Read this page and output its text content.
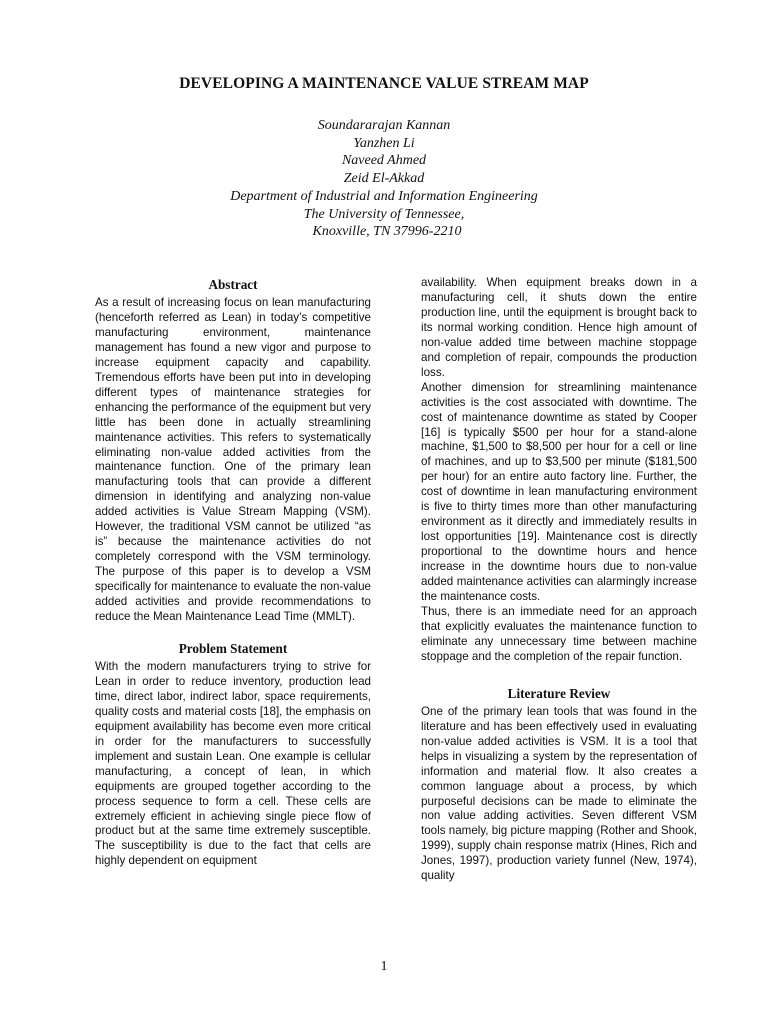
DEVELOPING A MAINTENANCE VALUE STREAM MAP
Soundararajan Kannan
Yanzhen Li
Naveed Ahmed
Zeid El-Akkad
Department of Industrial and Information Engineering
The University of Tennessee,
Knoxville, TN 37996-2210
Abstract

As a result of increasing focus on lean manufacturing (henceforth referred as Lean) in today’s competitive manufacturing environment, maintenance management has found a new vigor and purpose to increase equipment capacity and capability. Tremendous efforts have been put into in developing different types of maintenance strategies for enhancing the performance of the equipment but very little has been done in actually streamlining maintenance activities. This refers to systematically eliminating non-value added activities from the maintenance function. One of the primary lean manufacturing tools that can provide a different dimension in identifying and analyzing non-value added activities is Value Stream Mapping (VSM). However, the traditional VSM cannot be utilized “as is” because the maintenance activities do not completely correspond with the VSM terminology. The purpose of this paper is to develop a VSM specifically for maintenance to evaluate the non-value added activities and provide recommendations to reduce the Mean Maintenance Lead Time (MMLT).

Problem Statement

With the modern manufacturers trying to strive for Lean in order to reduce inventory, production lead time, direct labor, indirect labor, space requirements, quality costs and material costs [18], the emphasis on equipment availability has become even more critical in order for the manufacturers to successfully implement and sustain Lean. One example is cellular manufacturing, a concept of lean, in which equipments are grouped together according to the process sequence to form a cell. These cells are extremely efficient in achieving single piece flow of product but at the same time extremely susceptible. The susceptibility is due to the fact that cells are highly dependent on equipment

availability. When equipment breaks down in a manufacturing cell, it shuts down the entire production line, until the equipment is brought back to its normal working condition. Hence high amount of non-value added time between machine stoppage and completion of repair, compounds the production loss.

Another dimension for streamlining maintenance activities is the cost associated with downtime. The cost of maintenance downtime as stated by Cooper [16] is typically $500 per hour for a stand-alone machine, $1,500 to $8,500 per hour for a cell or line of machines, and up to $3,500 per minute ($181,500 per hour) for an entire auto factory line. Further, the cost of downtime in lean manufacturing environment is five to thirty times more than other manufacturing environment as it directly and immediately results in lost opportunities [19]. Maintenance cost is directly proportional to the downtime hours and hence increase in the downtime hours due to non-value added maintenance activities can alarmingly increase the maintenance costs.

Thus, there is an immediate need for an approach that explicitly evaluates the maintenance function to eliminate any unnecessary time between machine stoppage and the completion of the repair function.

Literature Review

One of the primary lean tools that was found in the literature and has been effectively used in evaluating non-value added activities is VSM. It is a tool that helps in visualizing a system by the representation of information and material flow. It also creates a common language about a process, by which purposeful decisions can be made to eliminate the non value adding activities. Seven different VSM tools namely, big picture mapping (Rother and Shook, 1999), supply chain response matrix (Hines, Rich and Jones, 1997), production variety funnel (New, 1974), quality

1
